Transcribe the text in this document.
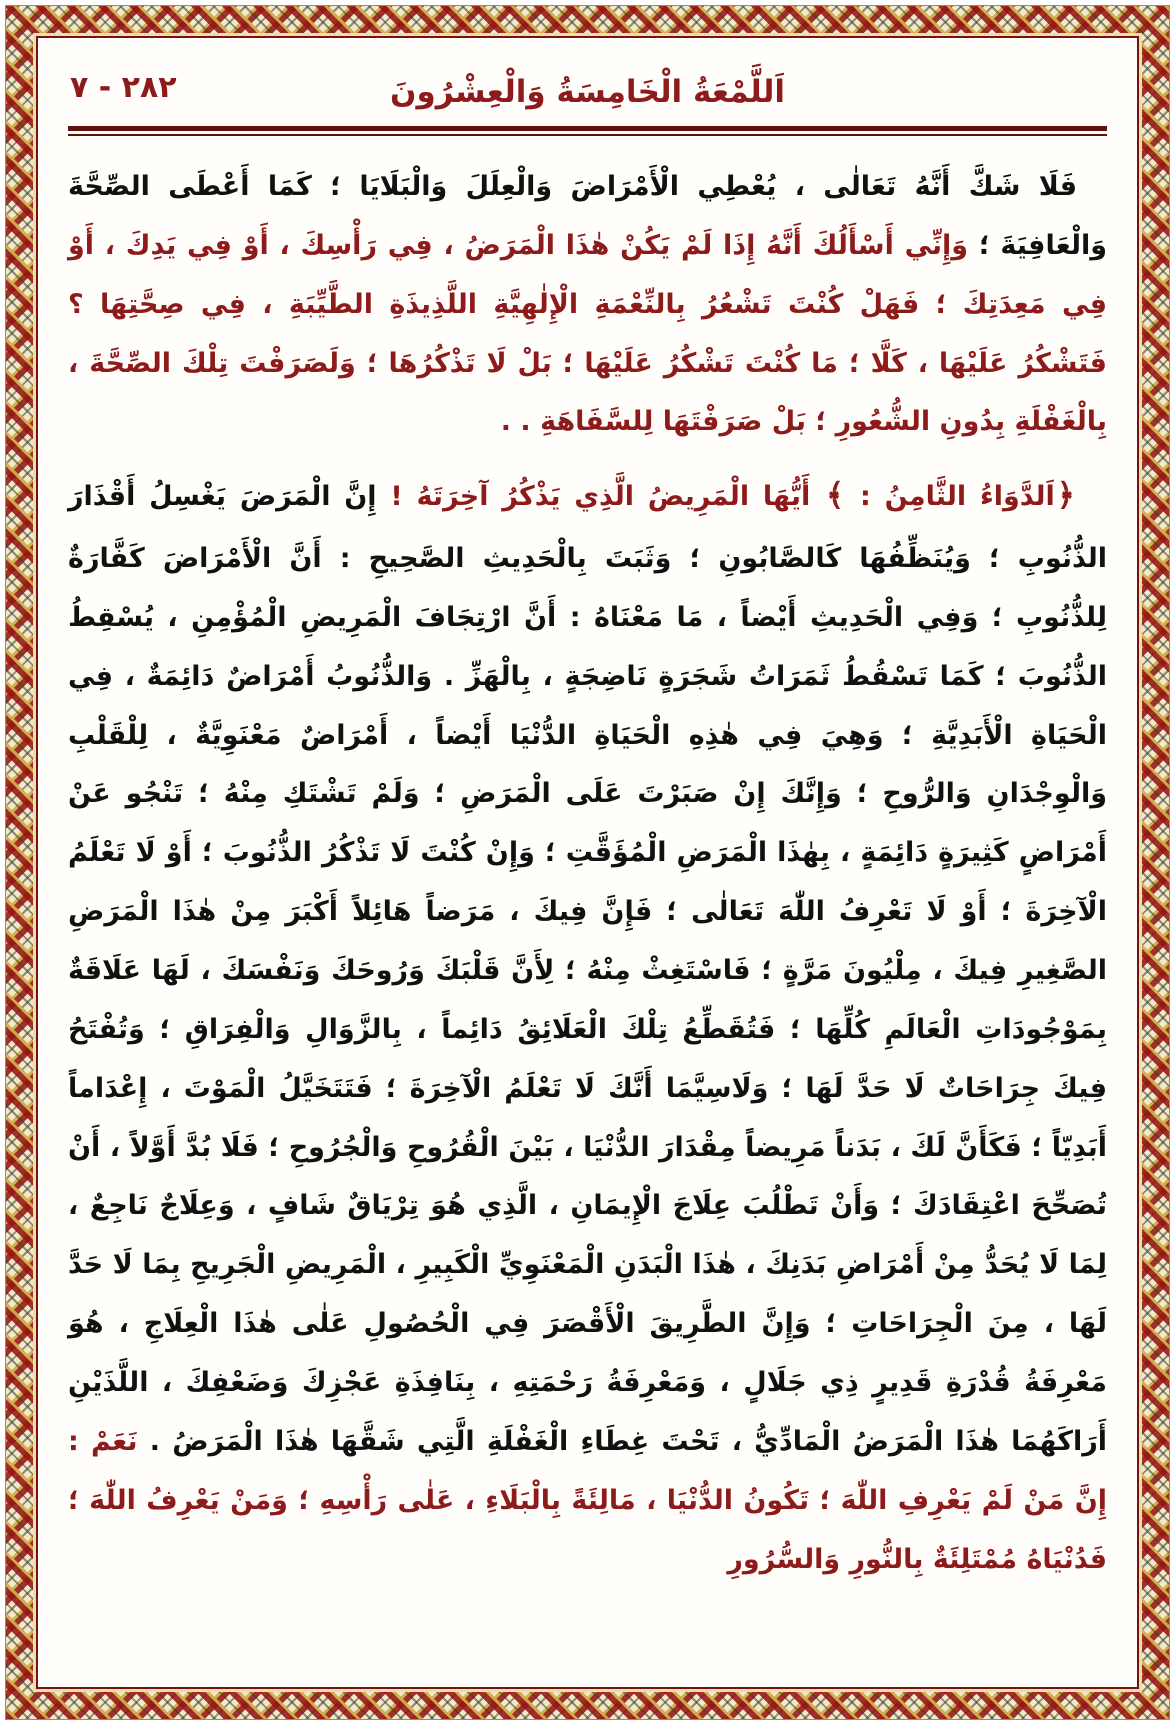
٢٨٢ - ٧	اَللَّمْعَةُ الْخَامِسَةُ وَالْعِشْرُونَ

فَلَا شَكَّ أَنَّهُ تَعَالٰى ، يُعْطِي الْأَمْرَاضَ وَالْعِلَلَ وَالْبَلَايَا ؛ كَمَا أَعْطَى الصِّحَّةَ وَالْعَافِيَةَ ؛ وَإِنِّي أَسْأَلُكَ أَنَّهُ إِذَا لَمْ يَكُنْ هٰذَا الْمَرَضُ ، فِي رَأْسِكَ ، أَوْ فِي يَدِكَ ، أَوْ فِي مَعِدَتِكَ ؛ فَهَلْ كُنْتَ تَشْعُرُ بِالنِّعْمَةِ الْإِلٰهِيَّةِ اللَّذِيذَةِ الطَّيِّبَةِ ، فِي صِحَّتِهَا ؟ فَتَشْكُرُ عَلَيْهَا ، كَلَّا ؛ مَا كُنْتَ تَشْكُرُ عَلَيْهَا ؛ بَلْ لَا تَذْكُرُهَا ؛ وَلَصَرَفْتَ تِلْكَ الصِّحَّةَ ، بِالْغَفْلَةِ بِدُونِ الشُّعُورِ ؛ بَلْ صَرَفْتَهَا لِلسَّفَاهَةِ . .

﴿اَلدَّوَاءُ الثَّامِنُ : ﴾ أَيُّهَا الْمَرِيضُ الَّذِي يَذْكُرُ آخِرَتَهُ ! إِنَّ الْمَرَضَ يَغْسِلُ أَقْذَارَ الذُّنُوبِ ؛ وَيُنَظِّفُهَا كَالصَّابُونِ ؛ وَثَبَتَ بِالْحَدِيثِ الصَّحِيحِ : أَنَّ الْأَمْرَاضَ كَفَّارَةٌ لِلذُّنُوبِ ؛ وَفِي الْحَدِيثِ أَيْضاً ، مَا مَعْنَاهُ : أَنَّ ارْتِجَافَ الْمَرِيضِ الْمُؤْمِنِ ، يُسْقِطُ الذُّنُوبَ ؛ كَمَا تَسْقُطُ ثَمَرَاتُ شَجَرَةٍ نَاضِجَةٍ ، بِالْهَزِّ . وَالذُّنُوبُ أَمْرَاضٌ دَائِمَةٌ ، فِي الْحَيَاةِ الْأَبَدِيَّةِ ؛ وَهِيَ فِي هٰذِهِ الْحَيَاةِ الدُّنْيَا أَيْضاً ، أَمْرَاضٌ مَعْنَوِيَّةٌ ، لِلْقَلْبِ وَالْوِجْدَانِ وَالرُّوحِ ؛ وَإِنَّكَ إِنْ صَبَرْتَ عَلَى الْمَرَضِ ؛ وَلَمْ تَشْتَكِ مِنْهُ ؛ تَنْجُو عَنْ أَمْرَاضٍ كَثِيرَةٍ دَائِمَةٍ ، بِهٰذَا الْمَرَضِ الْمُؤَقَّتِ ؛ وَإِنْ كُنْتَ لَا تَذْكُرُ الذُّنُوبَ ؛ أَوْ لَا تَعْلَمُ الْآخِرَةَ ؛ أَوْ لَا تَعْرِفُ اللّٰهَ تَعَالٰى ؛ فَإِنَّ فِيكَ ، مَرَضاً هَائِلاً أَكْبَرَ مِنْ هٰذَا الْمَرَضِ الصَّغِيرِ فِيكَ ، مِلْيُونَ مَرَّةٍ ؛ فَاسْتَغِثْ مِنْهُ ؛ لِأَنَّ قَلْبَكَ وَرُوحَكَ وَنَفْسَكَ ، لَهَا عَلَاقَةٌ بِمَوْجُودَاتِ الْعَالَمِ كُلِّهَا ؛ فَتُقَطِّعُ تِلْكَ الْعَلَائِقُ دَائِماً ، بِالزَّوَالِ وَالْفِرَاقِ ؛ وَتُفْتَحُ فِيكَ جِرَاحَاتٌ لَا حَدَّ لَهَا ؛ وَلَاسِيَّمَا أَنَّكَ لَا تَعْلَمُ الْآخِرَةَ ؛ فَتَتَخَيَّلُ الْمَوْتَ ، إِعْدَاماً أَبَدِيّاً ؛ فَكَأَنَّ لَكَ ، بَدَناً مَرِيضاً مِقْدَارَ الدُّنْيَا ، بَيْنَ الْقُرُوحِ وَالْجُرُوحِ ؛ فَلَا بُدَّ أَوَّلاً ، أَنْ تُصَحِّحَ اعْتِقَادَكَ ؛ وَأَنْ تَطْلُبَ عِلَاجَ الْإِيمَانِ ، الَّذِي هُوَ تِرْيَاقٌ شَافٍ ، وَعِلَاجٌ نَاجِعٌ ، لِمَا لَا يُحَدُّ مِنْ أَمْرَاضِ بَدَنِكَ ، هٰذَا الْبَدَنِ الْمَعْنَوِيِّ الْكَبِيرِ ، الْمَرِيضِ الْجَرِيحِ بِمَا لَا حَدَّ لَهَا ، مِنَ الْجِرَاحَاتِ ؛ وَإِنَّ الطَّرِيقَ الْأَقْصَرَ فِي الْحُصُولِ عَلٰى هٰذَا الْعِلَاجِ ، هُوَ مَعْرِفَةُ قُدْرَةِ قَدِيرٍ ذِي جَلَالٍ ، وَمَعْرِفَةُ رَحْمَتِهِ ، بِنَافِذَةِ عَجْزِكَ وَضَعْفِكَ ، اللَّذَيْنِ أَرَاكَهُمَا هٰذَا الْمَرَضُ الْمَادِّيُّ ، تَحْتَ غِطَاءِ الْغَفْلَةِ الَّتِي شَقَّهَا هٰذَا الْمَرَضُ . نَعَمْ : إِنَّ مَنْ لَمْ يَعْرِفِ اللّٰهَ ؛ تَكُونُ الدُّنْيَا ، مَالِئَةً بِالْبَلَاءِ ، عَلٰى رَأْسِهِ ؛ وَمَنْ يَعْرِفُ اللّٰهَ ؛ فَدُنْيَاهُ مُمْتَلِئَةٌ بِالنُّورِ وَالسُّرُورِ
